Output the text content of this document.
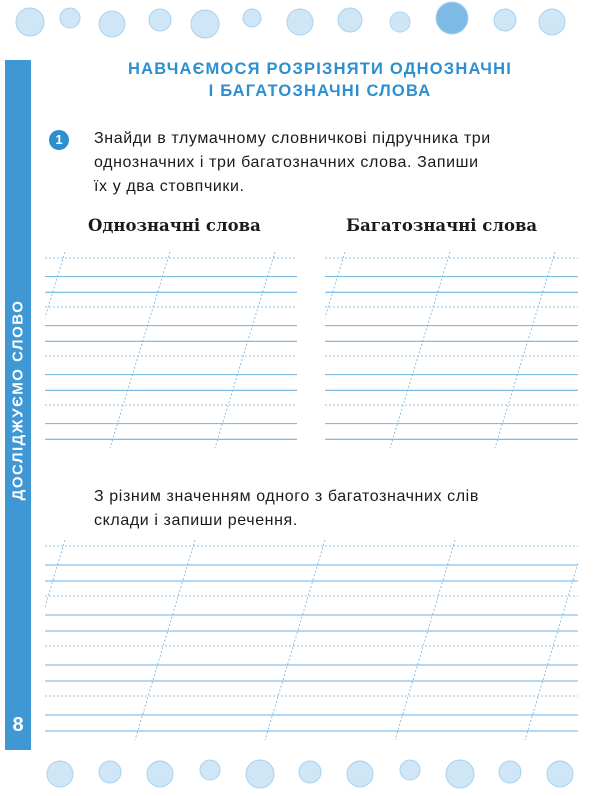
ДОСЛІДЖУЄМО СЛОВО
8
НАВЧАЄМОСЯ РОЗРІЗНЯТИ ОДНОЗНАЧНІ
І БАГАТОЗНАЧНІ СЛОВА
1	Знайди в тлумачному словничкові підручника три
однозначних і три багатозначних слова. Запиши
їх у два стовпчики.
Однозначні слова	Багатозначні слова
З різним значенням одного з багатозначних слів
склади і запиши речення.
